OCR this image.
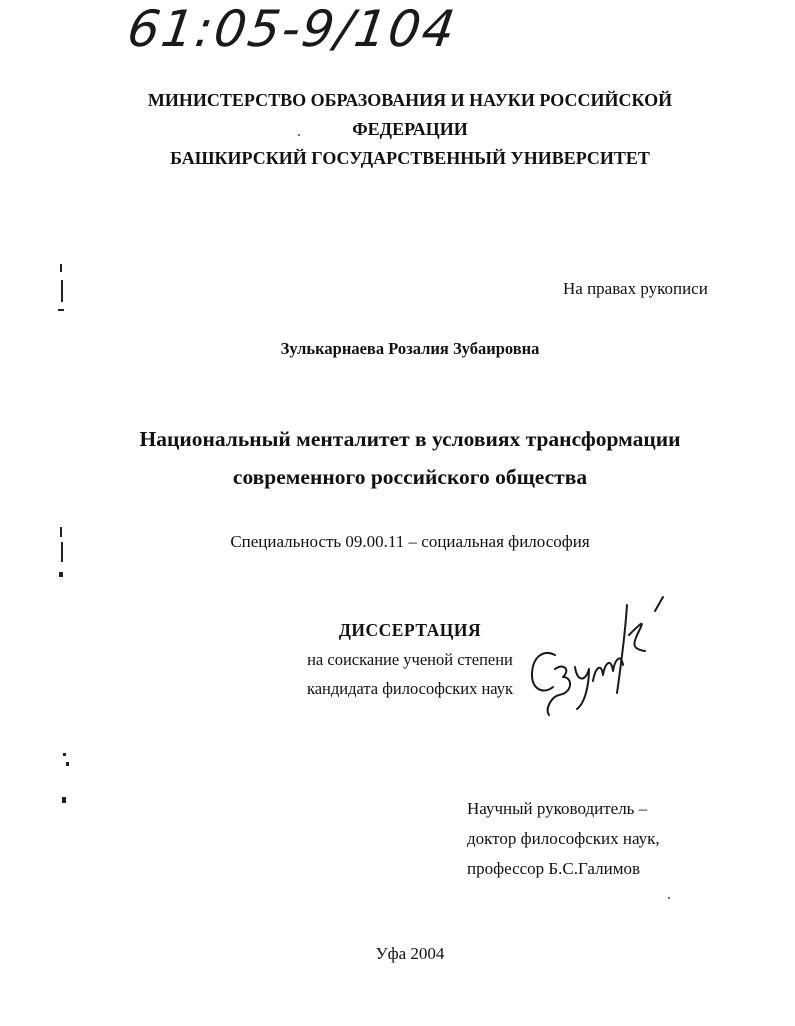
61:05-9/104
МИНИСТЕРСТВО ОБРАЗОВАНИЯ И НАУКИ РОССИЙСКОЙ
ФЕДЕРАЦИИ
БАШКИРСКИЙ ГОСУДАРСТВЕННЫЙ УНИВЕРСИТЕТ
На правах рукописи
Зулькарнаева Розалия Зубаировна
Национальный менталитет в условиях трансформации
современного российского общества
Специальность 09.00.11 – социальная философия
ДИССЕРТАЦИЯ
на соискание ученой степени
кандидата философских наук
Научный руководитель –
доктор философских наук,
профессор Б.С.Галимов
Уфа 2004
